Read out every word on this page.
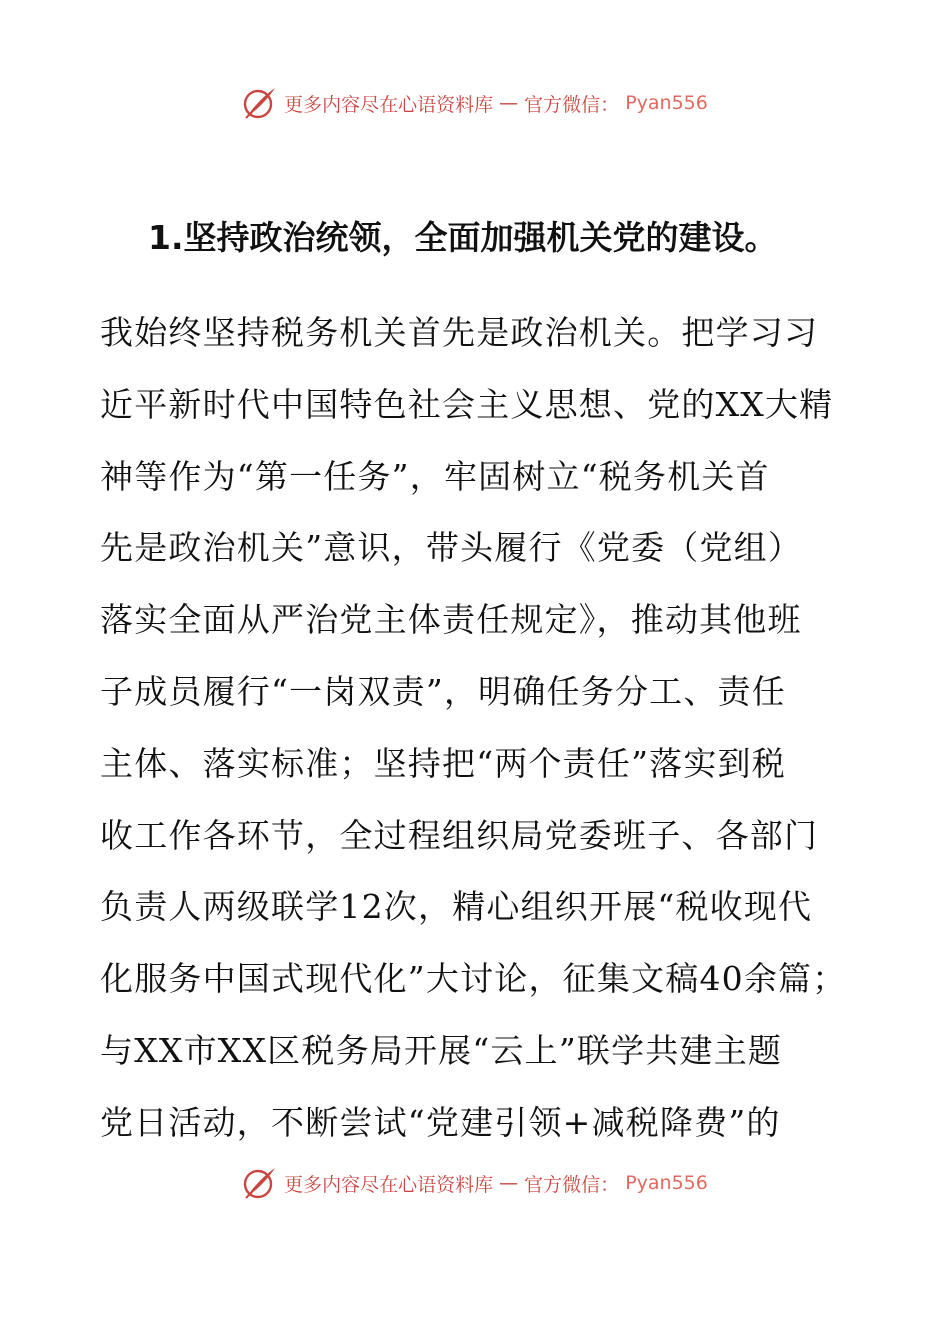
更多内容尽在心语资料库 — 官方微信： Pyan556
1.坚持政治统领，全面加强机关党的建设。
我始终坚持税务机关首先是政治机关。把学习习
近平新时代中国特色社会主义思想、党的XX大精
神等作为“第一任务”，牢固树立“税务机关首
先是政治机关”意识，带头履行《党委（党组）
落实全面从严治党主体责任规定》，推动其他班
子成员履行“一岗双责”，明确任务分工、责任
主体、落实标准；坚持把“两个责任”落实到税
收工作各环节，全过程组织局党委班子、各部门
负责人两级联学12次，精心组织开展“税收现代
化服务中国式现代化”大讨论，征集文稿40余篇；
与XX市XX区税务局开展“云上”联学共建主题
党日活动，不断尝试“党建引领+减税降费”的
更多内容尽在心语资料库 — 官方微信： Pyan556
